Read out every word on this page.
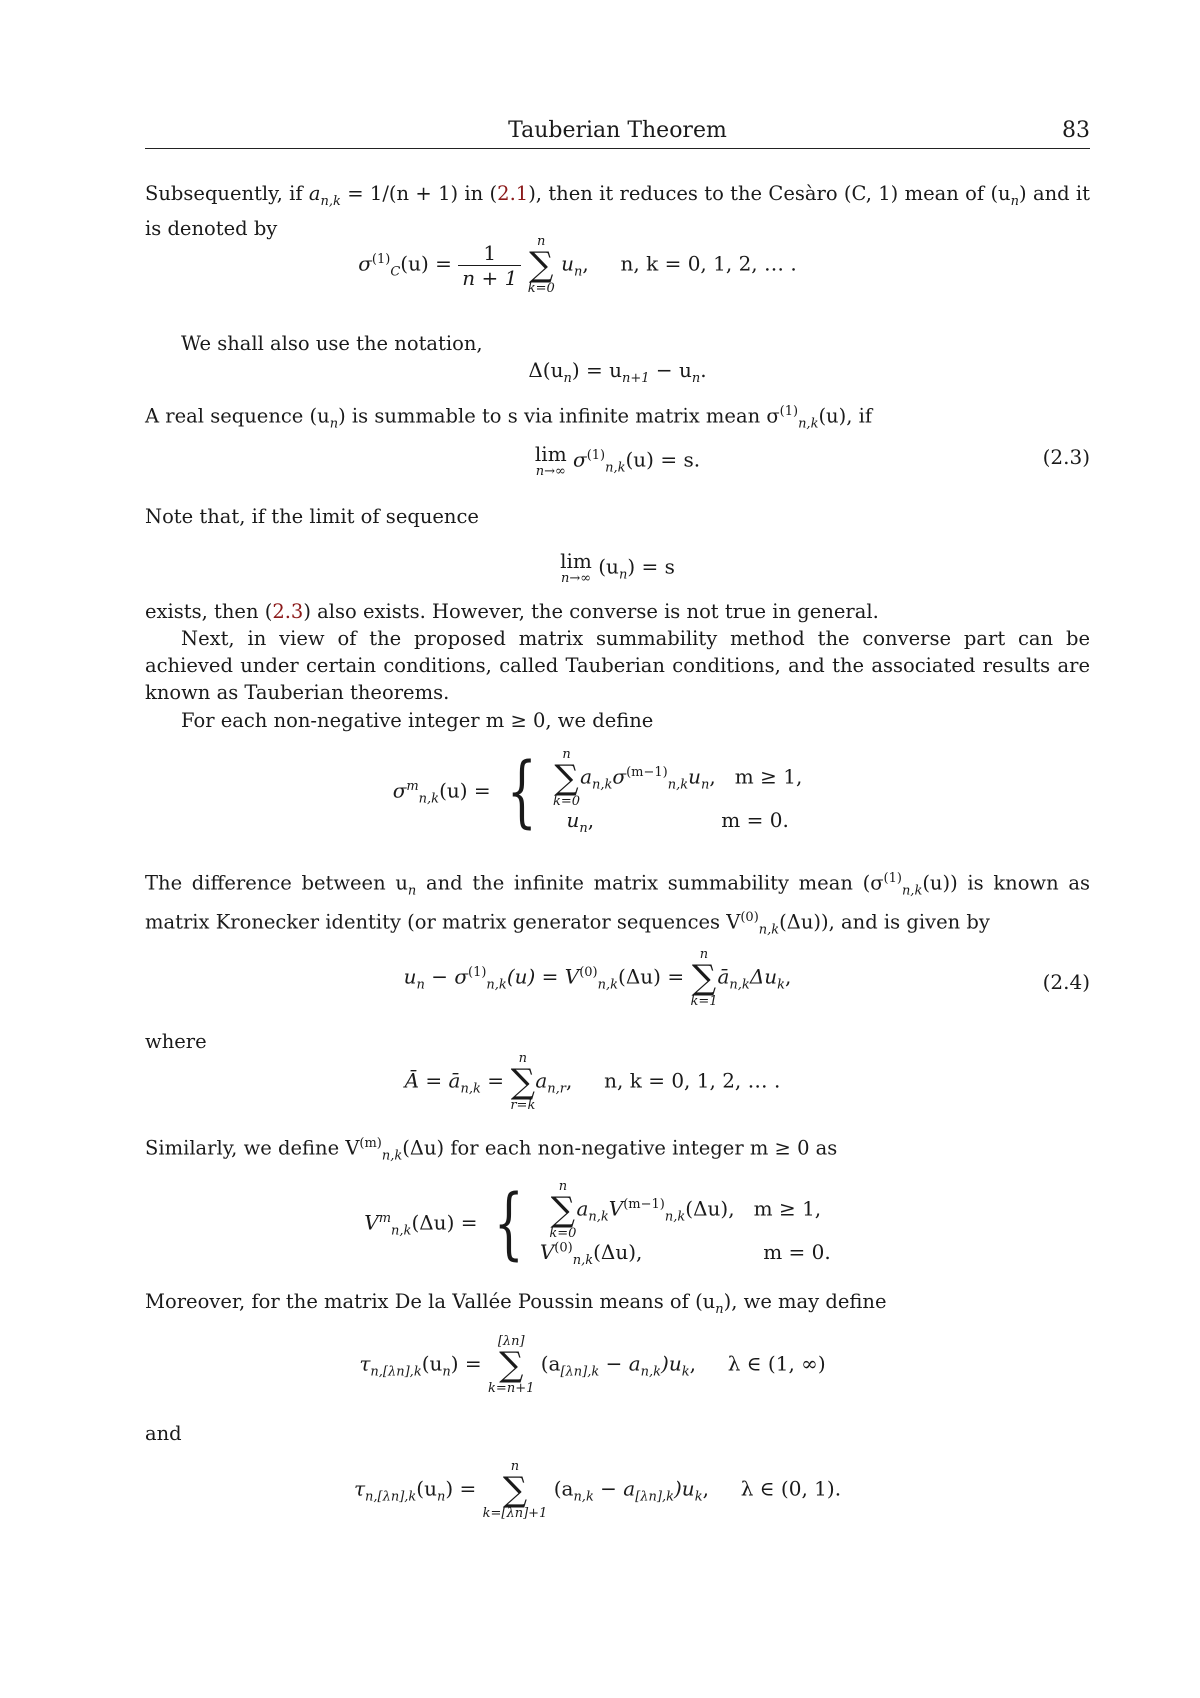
Tauberian Theorem	83

Subsequently, if an,k = 1/(n + 1) in (2.1), then it reduces to the Cesàro (C, 1) mean of (un) and it is denoted by

σ(1)C(u) =	1
n + 1

n
∑
k=0
un,     n, k = 0, 1, 2, … .

We shall also use the notation,

Δ(un) = un+1 − un.

A real sequence (un) is summable to s via infinite matrix mean σ(1)n,k(u), if

lim
n→∞ σ(1)n,k(u) = s.	(2.3)

Note that, if the limit of sequence

lim
n→∞ (un) = s

exists, then (2.3) also exists. However, the converse is not true in general.

Next, in view of the proposed matrix summability method the converse part can be achieved under certain conditions, called Tauberian conditions, and the associated results are known as Tauberian theorems.

For each non-negative integer m ≥ 0, we define

σmn,k(u) = {	n
∑
k=0
an,kσ(m−1)n,kun,   m ≥ 1,
un,                    m = 0.

The difference between un and the infinite matrix summability mean (σ(1)n,k(u)) is known as matrix Kronecker identity (or matrix generator sequences V(0)n,k(Δu)), and is given by

un − σ(1)n,k(u) = V(0)n,k(Δu) =
n
∑
k=1
ān,kΔuk,	(2.4)

where

Ā = ān,k =
n
∑
r=k
an,r,     n, k = 0, 1, 2, … .

Similarly, we define V(m)n,k(Δu) for each non-negative integer m ≥ 0 as

Vmn,k(Δu) = {	n
∑
k=0
an,kV(m−1)n,k(Δu),   m ≥ 1,
V(0)n,k(Δu),                   m = 0.

Moreover, for the matrix De la Vallée Poussin means of (un), we may define

τn,[λn],k(un) =
[λn]
∑
k=n+1
(a[λn],k − an,k)uk,     λ ∈ (1, ∞)

and

τn,[λn],k(un) =
n
∑
k=[λn]+1
(an,k − a[λn],k)uk,     λ ∈ (0, 1).
